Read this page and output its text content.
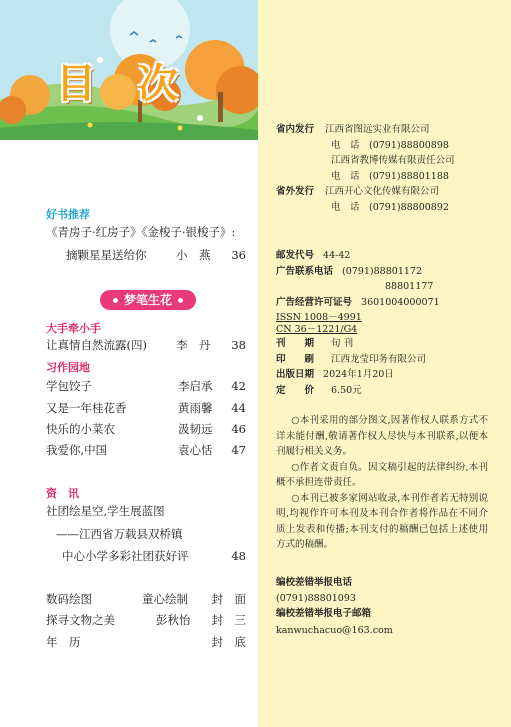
目 次
好书推荐
《青房子·红房子》《金梭子·银梭子》:
摘颗星星送给你	小　燕 36
梦笔生花
大手牵小手
让真情自然流露(四)	李　丹 38
习作园地
学包饺子	李启承 42
又是一年桂花香	黄雨馨 44
快乐的小菜农	汲韧远 46
我爱你,中国	袁心恬 47
资　讯
社团绘星空,学生展蓝图
——江西省万载县双桥镇
中心小学多彩社团获好评	48
数码绘图	童心绘制 封　面
探寻文物之美	彭秋怡 封　三
年　历	封　底
省内发行 江西省图远实业有限公司
电　话　(0791)88800898
江西省教博传媒有限责任公司
电　话　(0791)88801188
省外发行 江西开心文化传媒有限公司
电　话　(0791)88800892
邮发代号 44-42
广告联系电话 (0791)88801172
88801177
广告经营许可证号 3601004000071
ISSN 1008－4991
CN 36－1221/G4
刊　　期 旬 刊
印　　刷 江西龙莹印务有限公司
出版日期 2024年1月20日
定　　价 6.50元

○本刊采用的部分图文,因著作权人联系方式不详未能付酬,敬请著作权人尽快与本刊联系,以便本刊履行相关义务。

○作者文责自负。因文稿引起的法律纠纷,本刊概不承担连带责任。

○本刊已被多家网站收录,本刊作者若无特别说明,均视作许可本刊及本刊合作者将作品在不同介质上发表和传播;本刊支付的稿酬已包括上述使用方式的稿酬。

编校差错举报电话
(0791)88801093
编校差错举报电子邮箱
kanwuchacuo@163.com
